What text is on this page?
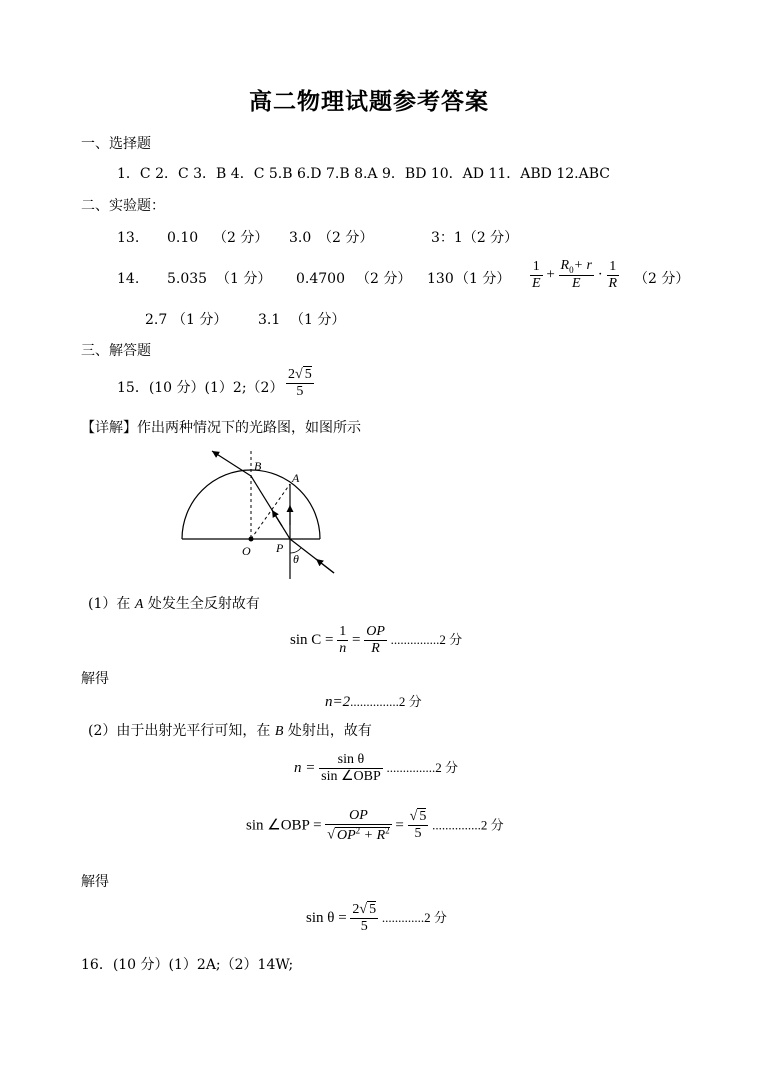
高二物理试题参考答案
一、选择题
1．C 2．C 3．B 4．C 5.B 6.D 7.B 8.A 9．BD 10．AD 11．ABD 12.ABC
二、实验题：
13. 0.10 （2 分） 3.0 （2 分）	3：1（2 分）
14. 5.035 （1 分） 0.4700 （2 分） 130 （1 分） $\frac{1}{E} + \frac{R_0+ r}{E} \cdot \frac{1}{R} (2$ 分）
2.7 （1 分） 3.1 （1 分）
三、解答题
15．(10 分）(1）2;（2） $\frac{2√ 5}{5}$
【详解】作出两种情况下的光路图，如图所示
B
A
O P
θ
(1）在 A 处发生全反射故有
$\sin C = \frac{1}{n} = \frac{OP}{R} ...............2$ 分
解得
n=2...............2 分
(2）由于出射光平行可知，在 B 处射出，故有
$n = \frac{\text{sin θ}}{\text{sin ∠OBP}} ...............2$ 分
sin ∠OBP = $\frac{OP}{√ OP^2 + R^2} = \frac{√ 5}{5} ...............2$ 分
解得
$\sin \theta = \frac{2√ 5}{5} .............2$ 分
16．(10 分）(1）2A;（2）14W;
